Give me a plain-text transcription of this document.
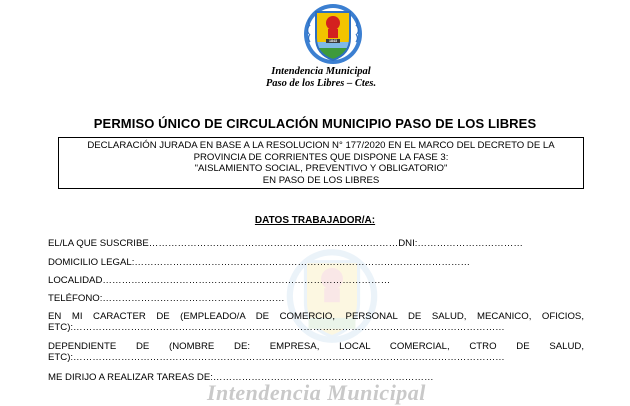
1843
Intendencia Municipal
Paso de los Libres – Ctes.
PERMISO ÚNICO DE CIRCULACIÓN MUNICIPIO PASO DE LOS LIBRES
DECLARACIÓN JURADA EN BASE A LA RESOLUCION N° 177/2020 EN EL MARCO DEL DECRETO DE LA
PROVINCIA DE CORRIENTES QUE DISPONE LA FASE 3:
"AISLAMIENTO SOCIAL, PREVENTIVO Y OBLIGATORIO"
EN PASO DE LOS LIBRES
DATOS TRABAJADOR/A:
EL/LA QUE SUSCRIBE……………………………………………………………………DNI:……………………………
DOMICILIO LEGAL:……………………………………………………………………………………………
LOCALIDAD………………………………………………………………………………
TELÉFONO:…………………………………………………
EN MI CARACTER DE (EMPLEADO/A DE COMERCIO, PERSONAL DE SALUD, MECANICO, OFICIOS,
ETC):………………………………………………………………………………………………………………………
DEPENDIENTE DE (NOMBRE DE: EMPRESA, LOCAL COMERCIAL, CTRO DE SALUD,
ETC):………………………………………………………………………………………………………………………
ME DIRIJO A REALIZAR TAREAS DE:……………………………………………………………
Intendencia Municipal
